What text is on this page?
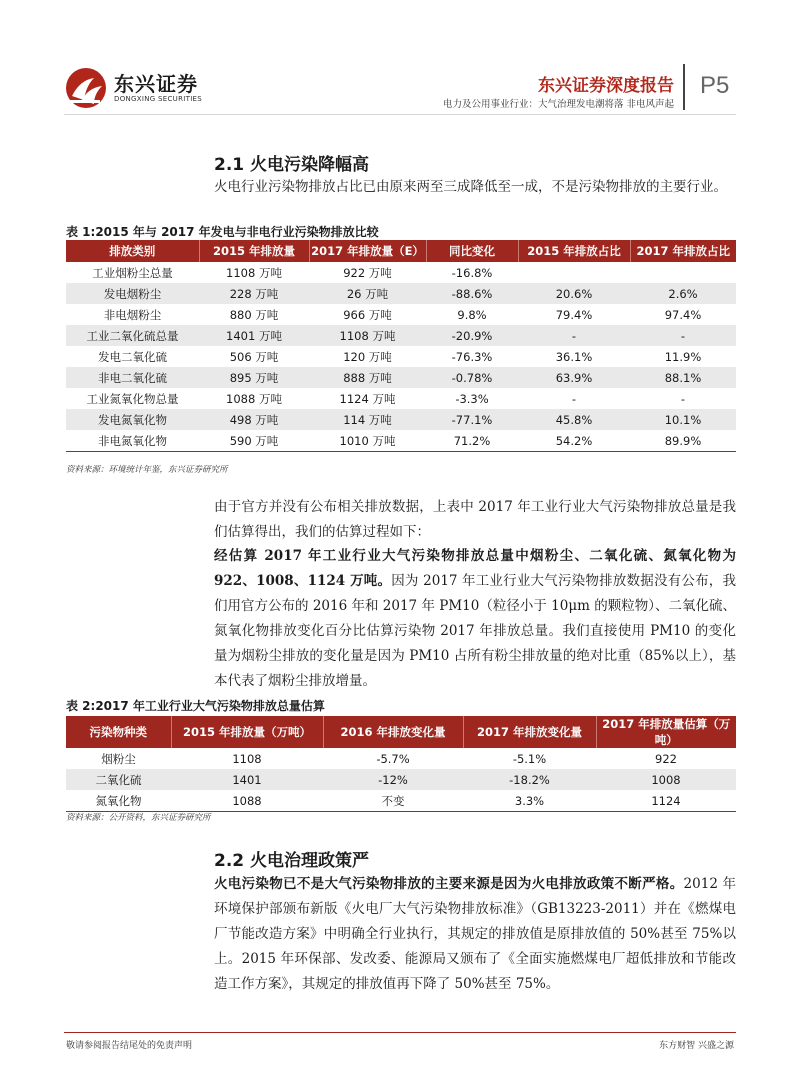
东兴证券
DONGXING SECURITIES
东兴证券深度报告
电力及公用事业行业：大气治理发电潮将落 非电风声起
P5
2.1 火电污染降幅高
火电行业污染物排放占比已由原来两至三成降低至一成，不是污染物排放的主要行业。
表 1:2015 年与 2017 年发电与非电行业污染物排放比较
排放类别	2015 年排放量	2017 年排放量（E）	同比变化	2015 年排放占比	2017 年排放占比
工业烟粉尘总量	1108 万吨	922 万吨	-16.8%		
发电烟粉尘	228 万吨	26 万吨	-88.6%	20.6%	2.6%
非电烟粉尘	880 万吨	966 万吨	9.8%	79.4%	97.4%
工业二氧化硫总量	1401 万吨	1108 万吨	-20.9%	-	-
发电二氧化硫	506 万吨	120 万吨	-76.3%	36.1%	11.9%
非电二氧化硫	895 万吨	888 万吨	-0.78%	63.9%	88.1%
工业氮氧化物总量	1088 万吨	1124 万吨	-3.3%	-	-
发电氮氧化物	498 万吨	114 万吨	-77.1%	45.8%	10.1%
非电氮氧化物	590 万吨	1010 万吨	71.2%	54.2%	89.9%
资料来源：环境统计年鉴，东兴证券研究所
由于官方并没有公布相关排放数据，上表中 2017 年工业行业大气污染物排放总量是我们估算得出，我们的估算过程如下：
经估算 2017 年工业行业大气污染物排放总量中烟粉尘、二氧化硫、氮氧化物为 922、1008、1124 万吨。因为 2017 年工业行业大气污染物排放数据没有公布，我们用官方公布的 2016 年和 2017 年 PM10（粒径小于 10μm 的颗粒物）、二氧化硫、氮氧化物排放变化百分比估算污染物 2017 年排放总量。我们直接使用 PM10 的变化量为烟粉尘排放的变化量是因为 PM10 占所有粉尘排放量的绝对比重（85%以上），基本代表了烟粉尘排放增量。
表 2:2017 年工业行业大气污染物排放总量估算
污染物种类	2015 年排放量（万吨）	2016 年排放变化量	2017 年排放变化量	2017 年排放量估算（万吨）
烟粉尘	1108	-5.7%	-5.1%	922
二氧化硫	1401	-12%	-18.2%	1008
氮氧化物	1088	不变	3.3%	1124
资料来源：公开资料，东兴证券研究所
2.2 火电治理政策严
火电污染物已不是大气污染物排放的主要来源是因为火电排放政策不断严格。2012 年环境保护部颁布新版《火电厂大气污染物排放标准》（GB13223-2011）并在《燃煤电厂节能改造方案》中明确全行业执行，其规定的排放值是原排放值的 50%甚至 75%以上。2015 年环保部、发改委、能源局又颁布了《全面实施燃煤电厂超低排放和节能改造工作方案》，其规定的排放值再下降了 50%甚至 75%。
敬请参阅报告结尾处的免责声明	东方财智 兴盛之源
